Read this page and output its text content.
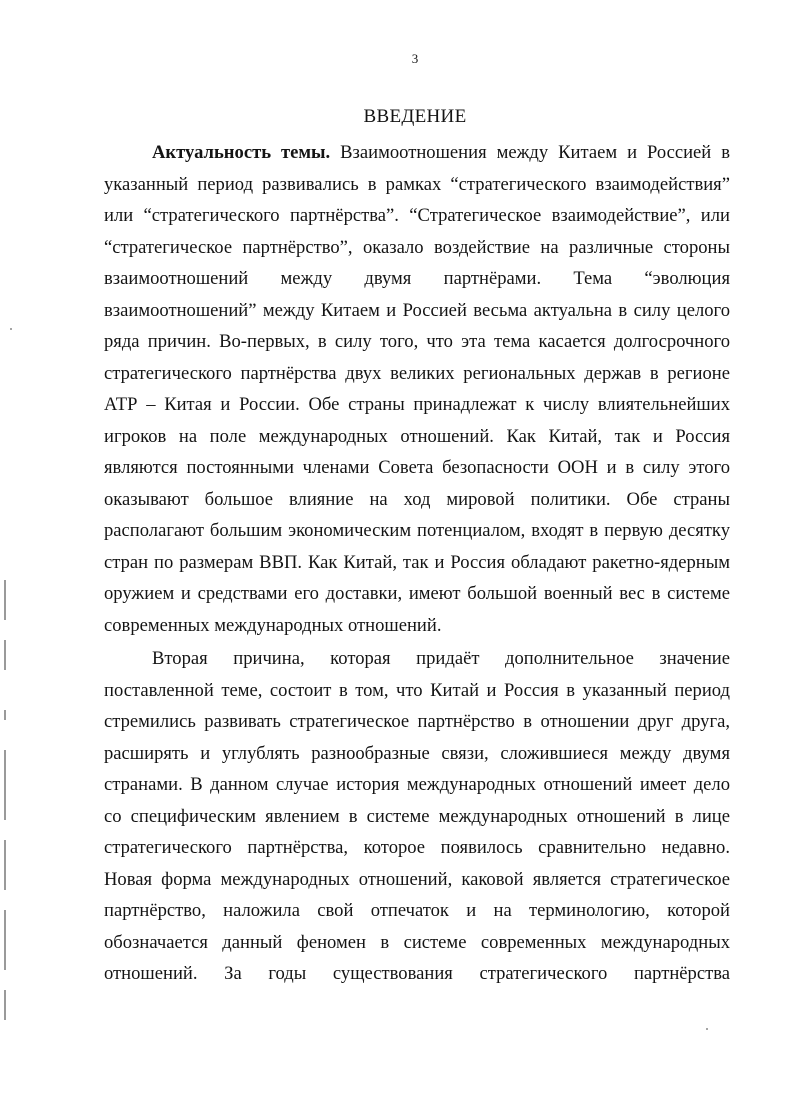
3
ВВЕДЕНИЕ
Актуальность темы. Взаимоотношения между Китаем и Россией в
указанный период развивались в рамках “стратегического взаимодействия”
или “стратегического партнёрства”. “Стратегическое взаимодействие”, или
“стратегическое партнёрство”, оказало воздействие на различные стороны
взаимоотношений между двумя партнёрами. Тема “эволюция
взаимоотношений” между Китаем и Россией весьма актуальна в силу целого
ряда причин. Во-первых, в силу того, что эта тема касается долгосрочного
стратегического партнёрства двух великих региональных держав в регионе
АТР – Китая и России. Обе страны принадлежат к числу влиятельнейших
игроков на поле международных отношений. Как Китай, так и Россия
являются постоянными членами Совета безопасности ООН и в силу этого
оказывают большое влияние на ход мировой политики. Обе страны
располагают большим экономическим потенциалом, входят в первую десятку
стран по размерам ВВП. Как Китай, так и Россия обладают ракетно-ядерным
оружием и средствами его доставки, имеют большой военный вес в системе
современных международных отношений.
Вторая причина, которая придаёт дополнительное значение
поставленной теме, состоит в том, что Китай и Россия в указанный период
стремились развивать стратегическое партнёрство в отношении друг друга,
расширять и углублять разнообразные связи, сложившиеся между двумя
странами. В данном случае история международных отношений имеет дело
со специфическим явлением в системе международных отношений в лице
стратегического партнёрства, которое появилось сравнительно недавно.
Новая форма международных отношений, каковой является стратегическое
партнёрство, наложила свой отпечаток и на терминологию, которой
обозначается данный феномен в системе современных международных
отношений. За годы существования стратегического партнёрства
